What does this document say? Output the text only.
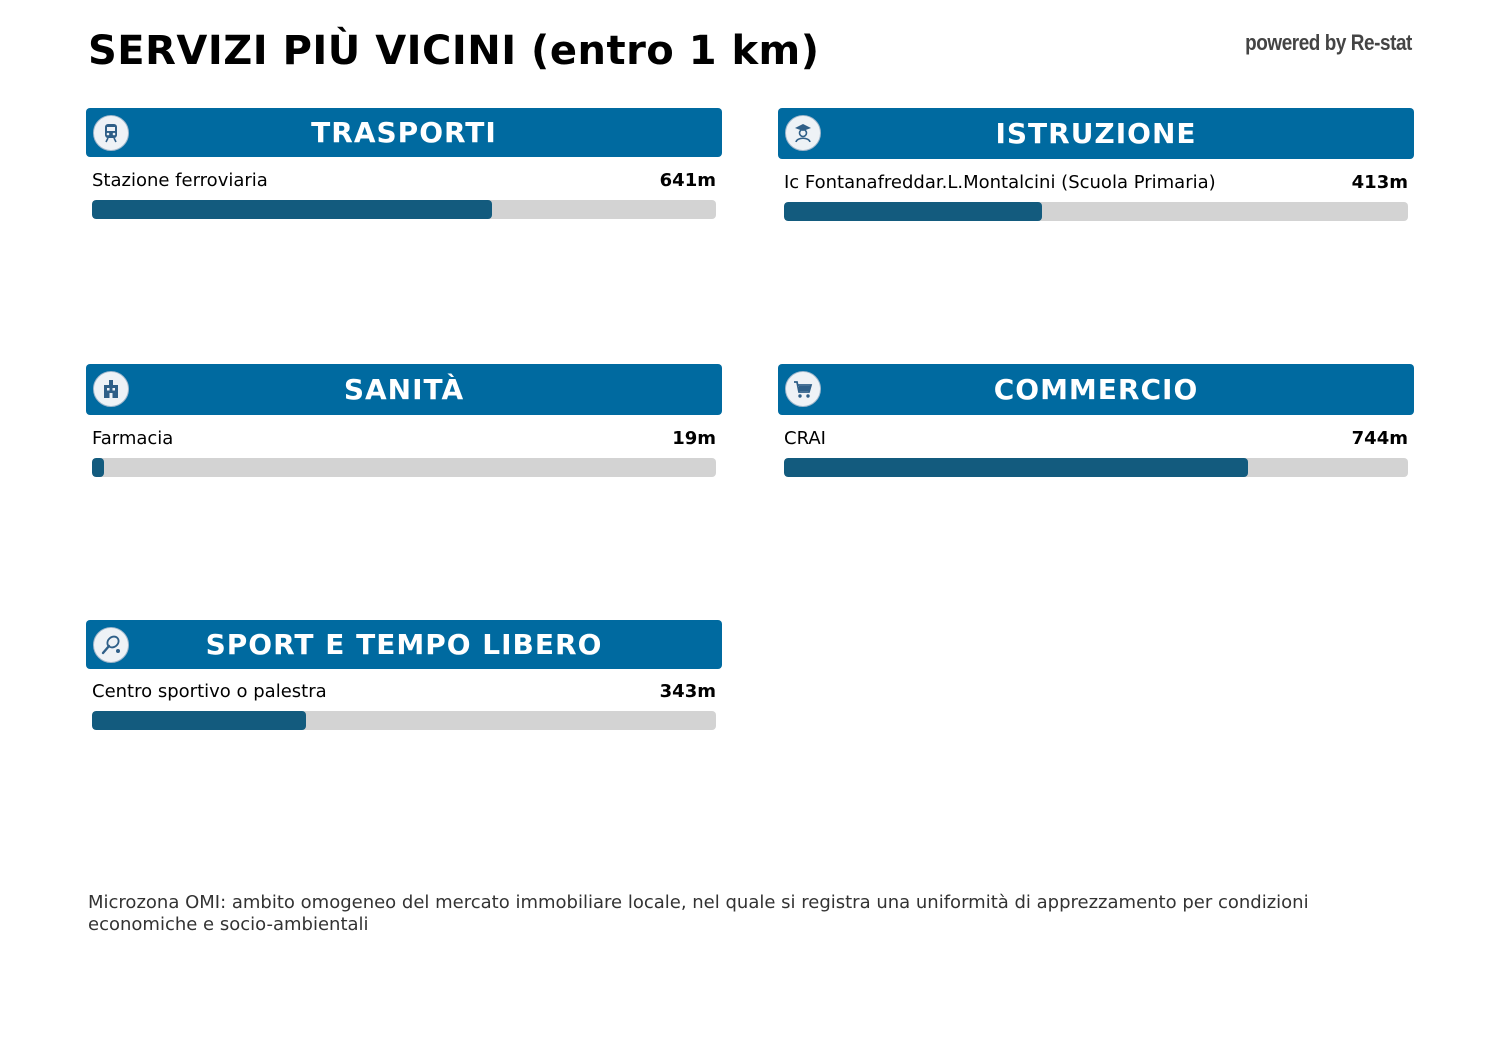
SERVIZI PIÙ VICINI (entro 1 km)	powered by Re-stat
TRASPORTI
Stazione ferroviaria	641m
ISTRUZIONE
Ic Fontanafreddar.L.Montalcini (Scuola Primaria)	413m
SANITÀ
Farmacia	19m
COMMERCIO
CRAI	744m
SPORT E TEMPO LIBERO
Centro sportivo o palestra	343m
Microzona OMI: ambito omogeneo del mercato immobiliare locale, nel quale si registra una uniformità di apprezzamento per condizioni economiche e socio-ambientali
